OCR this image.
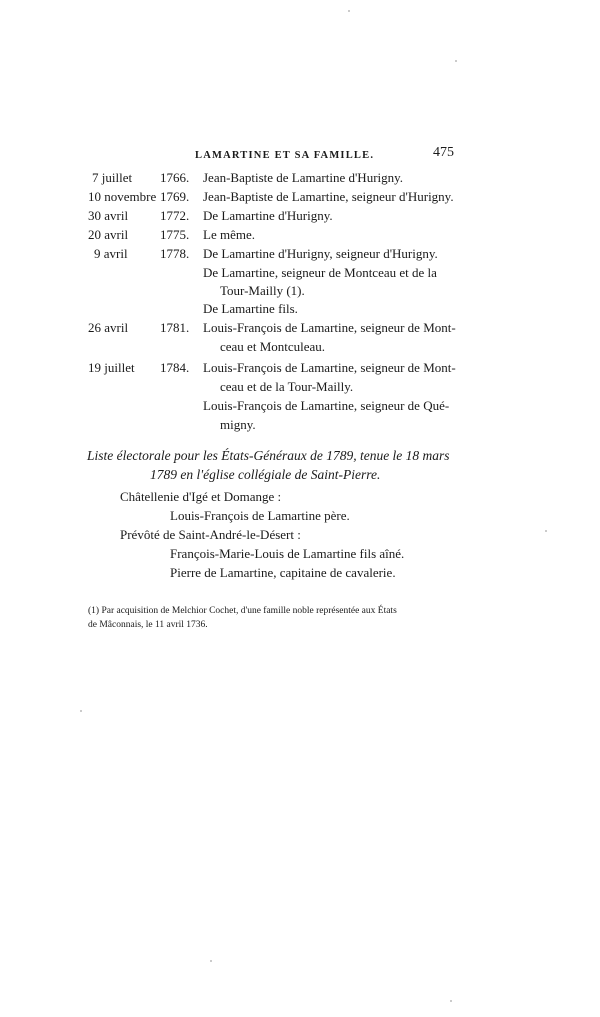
LAMARTINE ET SA FAMILLE.	475
7 juillet	1766. Jean-Baptiste de Lamartine d'Hurigny.
10 novembre 1769. Jean-Baptiste de Lamartine, seigneur d'Hurigny.
30 avril	1772. De Lamartine d'Hurigny.
20 avril	1775. Le même.
9 avril	1778. De Lamartine d'Hurigny, seigneur d'Hurigny.
De Lamartine, seigneur de Montceau et de la
Tour-Mailly (1).
De Lamartine fils.
26 avril	1781. Louis-François de Lamartine, seigneur de Mont-
ceau et Montculeau.
19 juillet	1784. Louis-François de Lamartine, seigneur de Mont-
ceau et de la Tour-Mailly.
Louis-François de Lamartine, seigneur de Qué-
migny.
Liste électorale pour les États-Généraux de 1789, tenue le 18 mars
1789 en l'église collégiale de Saint-Pierre.
Châtellenie d'Igé et Domange :
Louis-François de Lamartine père.
Prévôté de Saint-André-le-Désert :
François-Marie-Louis de Lamartine fils aîné.
Pierre de Lamartine, capitaine de cavalerie.
(1) Par acquisition de Melchior Cochet, d'une famille noble représentée aux États
de Mâconnais, le 11 avril 1736.
